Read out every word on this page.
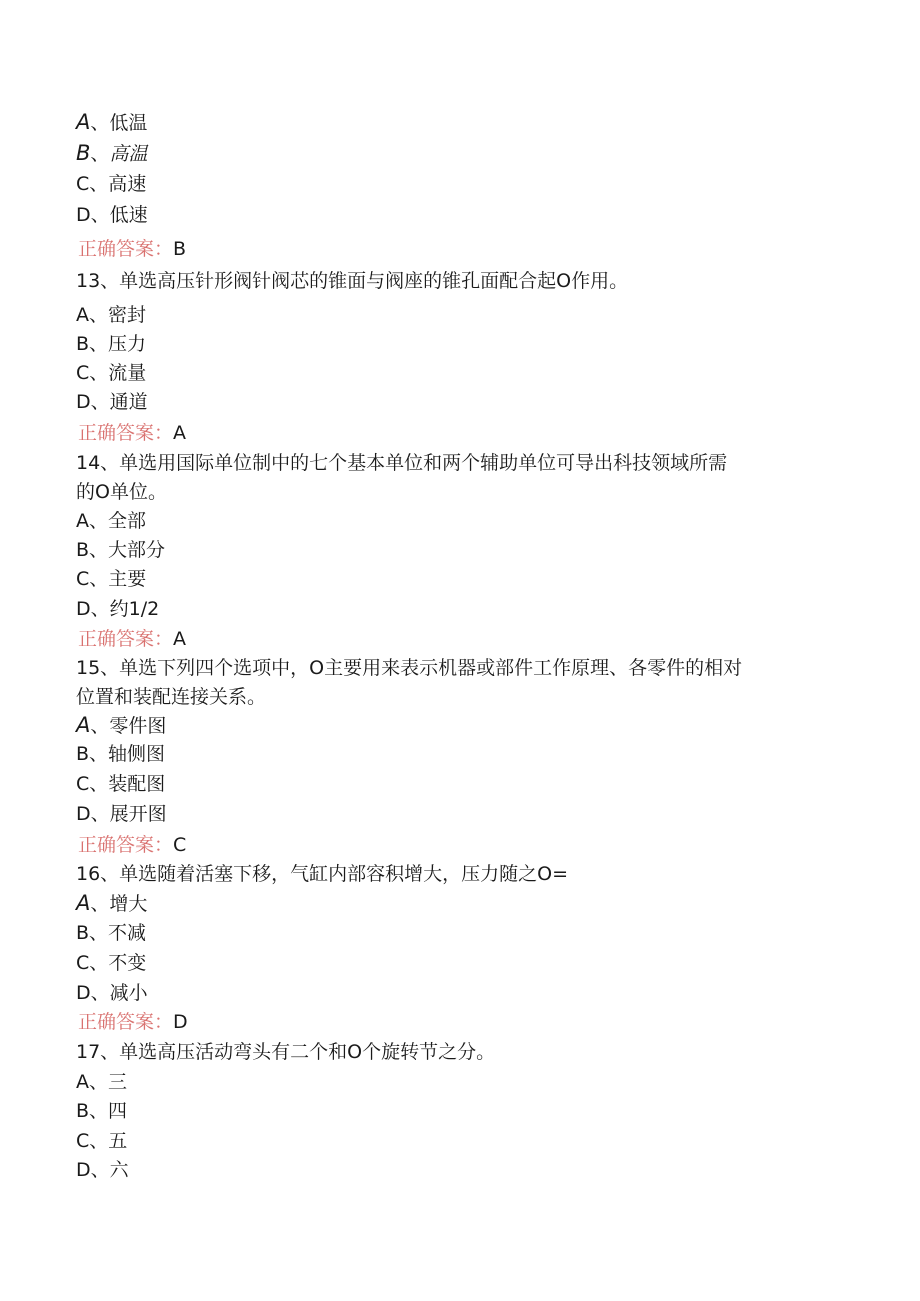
A、低温
B、高温
C、高速
D、低速
正确答案：B
13、单选高压针形阀针阀芯的锥面与阀座的锥孔面配合起O作用。
A、密封
B、压力
C、流量
D、通道
正确答案：A
14、单选用国际单位制中的七个基本单位和两个辅助单位可导出科技领域所需
的O单位。
A、全部
B、大部分
C、主要
D、约1/2
正确答案：A
15、单选下列四个选项中，O主要用来表示机器或部件工作原理、各零件的相对
位置和装配连接关系。
A、零件图
B、轴侧图
C、装配图
D、展开图
正确答案：C
16、单选随着活塞下移，气缸内部容积增大，压力随之O=
A、增大
B、不减
C、不变
D、减小
正确答案：D
17、单选高压活动弯头有二个和O个旋转节之分。
A、三
B、四
C、五
D、六
